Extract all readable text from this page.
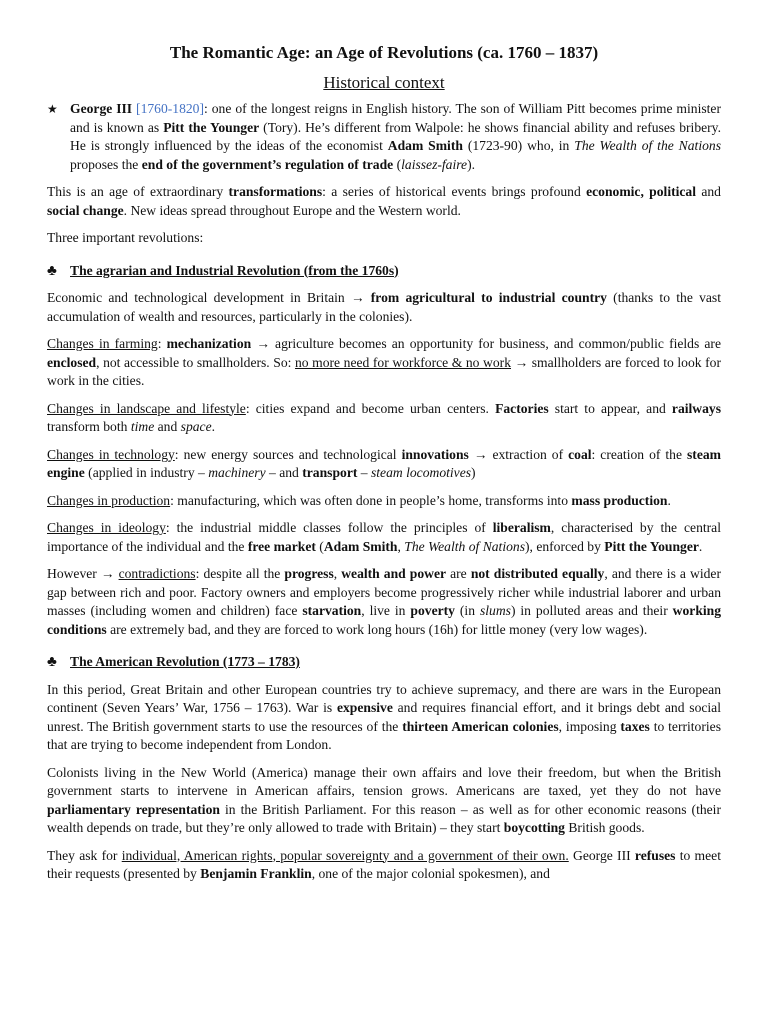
The Romantic Age: an Age of Revolutions (ca. 1760 – 1837)
Historical context
★ George III [1760-1820]: one of the longest reigns in English history. The son of William Pitt becomes prime minister and is known as Pitt the Younger (Tory). He’s different from Walpole: he shows financial ability and refuses bribery. He is strongly influenced by the ideas of the economist Adam Smith (1723-90) who, in The Wealth of the Nations proposes the end of the government’s regulation of trade (laissez-faire).

This is an age of extraordinary transformations: a series of historical events brings profound economic, political and social change. New ideas spread throughout Europe and the Western world.

Three important revolutions:

♣ The agrarian and Industrial Revolution (from the 1760s)

Economic and technological development in Britain → from agricultural to industrial country (thanks to the vast accumulation of wealth and resources, particularly in the colonies).

Changes in farming: mechanization → agriculture becomes an opportunity for business, and common/public fields are enclosed, not accessible to smallholders. So: no more need for workforce & no work → smallholders are forced to look for work in the cities.

Changes in landscape and lifestyle: cities expand and become urban centers. Factories start to appear, and railways transform both time and space.

Changes in technology: new energy sources and technological innovations → extraction of coal: creation of the steam engine (applied in industry – machinery – and transport – steam locomotives)

Changes in production: manufacturing, which was often done in people’s home, transforms into mass production.

Changes in ideology: the industrial middle classes follow the principles of liberalism, characterised by the central importance of the individual and the free market (Adam Smith, The Wealth of Nations), enforced by Pitt the Younger.

However → contradictions: despite all the progress, wealth and power are not distributed equally, and there is a wider gap between rich and poor. Factory owners and employers become progressively richer while industrial laborer and urban masses (including women and children) face starvation, live in poverty (in slums) in polluted areas and their working conditions are extremely bad, and they are forced to work long hours (16h) for little money (very low wages).

♣ The American Revolution (1773 – 1783)

In this period, Great Britain and other European countries try to achieve supremacy, and there are wars in the European continent (Seven Years’ War, 1756 – 1763). War is expensive and requires financial effort, and it brings debt and social unrest. The British government starts to use the resources of the thirteen American colonies, imposing taxes to territories that are trying to become independent from London.

Colonists living in the New World (America) manage their own affairs and love their freedom, but when the British government starts to intervene in American affairs, tension grows. Americans are taxed, yet they do not have parliamentary representation in the British Parliament. For this reason – as well as for other economic reasons (their wealth depends on trade, but they’re only allowed to trade with Britain) – they start boycotting British goods.

They ask for individual, American rights, popular sovereignty and a government of their own. George III refuses to meet their requests (presented by Benjamin Franklin, one of the major colonial spokesmen), and
